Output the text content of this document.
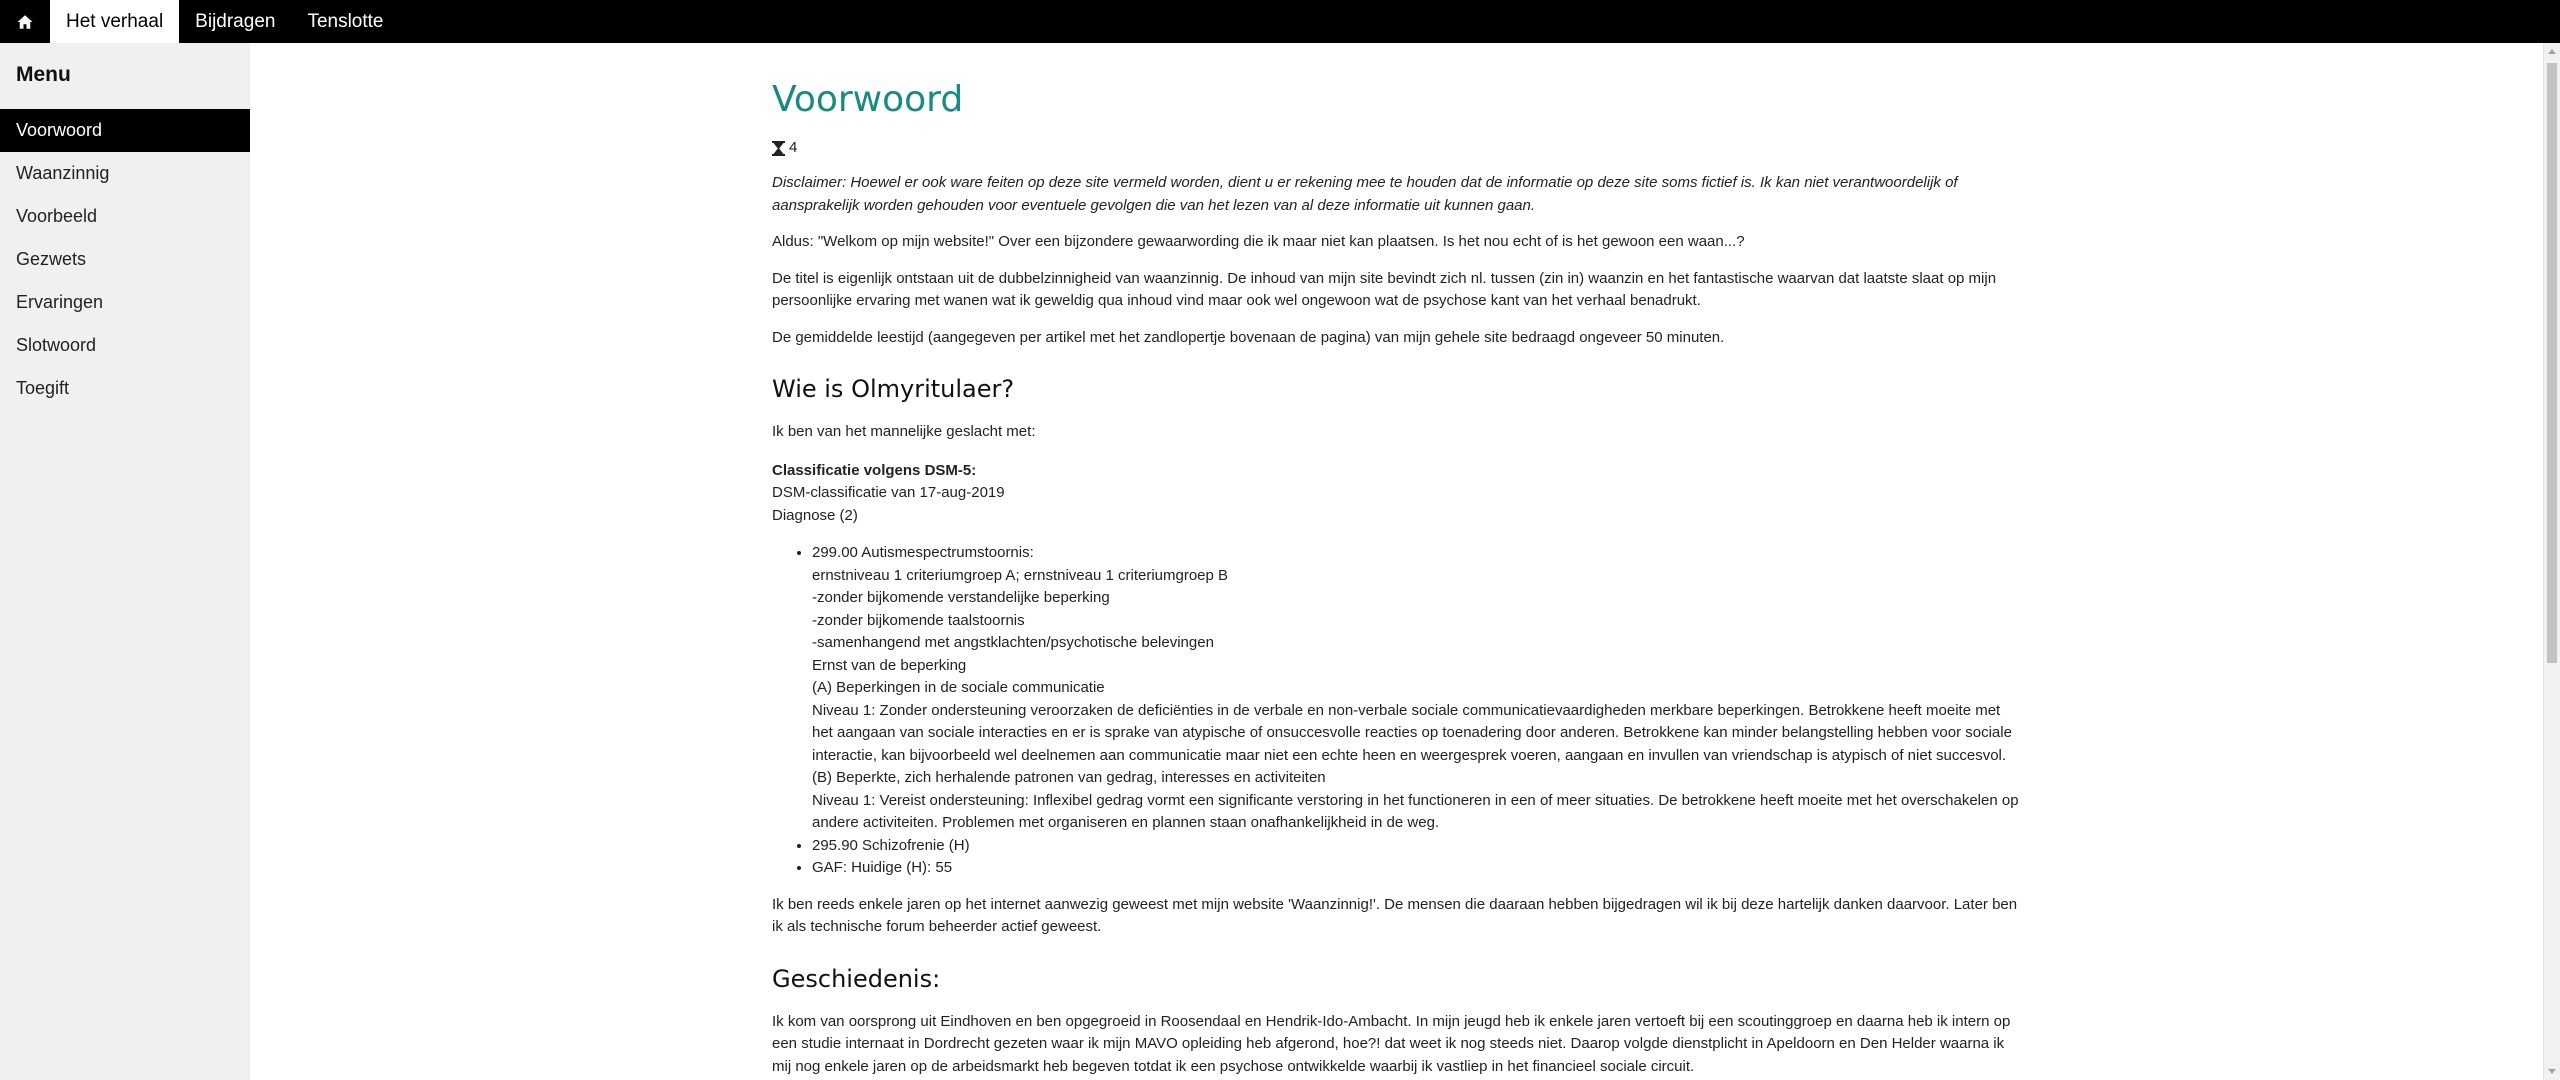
Het verhaal	Bijdragen	Tenslotte
Menu
Voorwoord
Waanzinnig
Voorbeeld
Gezwets
Ervaringen
Slotwoord
Toegift
Voorwoord
4

Disclaimer: Hoewel er ook ware feiten op deze site vermeld worden, dient u er rekening mee te houden dat de informatie op deze site soms fictief is. Ik kan niet verantwoordelijk of aansprakelijk worden gehouden voor eventuele gevolgen die van het lezen van al deze informatie uit kunnen gaan.

Aldus: "Welkom op mijn website!" Over een bijzondere gewaarwording die ik maar niet kan plaatsen. Is het nou echt of is het gewoon een waan...?

De titel is eigenlijk ontstaan uit de dubbelzinnigheid van waanzinnig. De inhoud van mijn site bevindt zich nl. tussen (zin in) waanzin en het fantastische waarvan dat laatste slaat op mijn persoonlijke ervaring met wanen wat ik geweldig qua inhoud vind maar ook wel ongewoon wat de psychose kant van het verhaal benadrukt.

De gemiddelde leestijd (aangegeven per artikel met het zandlopertje bovenaan de pagina) van mijn gehele site bedraagd ongeveer 50 minuten.

Wie is Olmyritulaer?

Ik ben van het mannelijke geslacht met:

Classificatie volgens DSM-5:
DSM-classificatie van 17-aug-2019
Diagnose (2)
• 299.00 Autismespectrumstoornis:
ernstniveau 1 criteriumgroep A; ernstniveau 1 criteriumgroep B
-zonder bijkomende verstandelijke beperking
-zonder bijkomende taalstoornis
-samenhangend met angstklachten/psychotische belevingen
Ernst van de beperking
(A) Beperkingen in de sociale communicatie
Niveau 1: Zonder ondersteuning veroorzaken de deficiënties in de verbale en non-verbale sociale communicatievaardigheden merkbare beperkingen. Betrokkene heeft moeite met het aangaan van sociale interacties en er is sprake van atypische of onsuccesvolle reacties op toenadering door anderen. Betrokkene kan minder belangstelling hebben voor sociale interactie, kan bijvoorbeeld wel deelnemen aan communicatie maar niet een echte heen en weergesprek voeren, aangaan en invullen van vriendschap is atypisch of niet succesvol.
(B) Beperkte, zich herhalende patronen van gedrag, interesses en activiteiten
Niveau 1: Vereist ondersteuning: Inflexibel gedrag vormt een significante verstoring in het functioneren in een of meer situaties. De betrokkene heeft moeite met het overschakelen op andere activiteiten. Problemen met organiseren en plannen staan onafhankelijkheid in de weg.
• 295.90 Schizofrenie (H)
• GAF: Huidige (H): 55

Ik ben reeds enkele jaren op het internet aanwezig geweest met mijn website 'Waanzinnig!'. De mensen die daaraan hebben bijgedragen wil ik bij deze hartelijk danken daarvoor. Later ben ik als technische forum beheerder actief geweest.

Geschiedenis:

Ik kom van oorsprong uit Eindhoven en ben opgegroeid in Roosendaal en Hendrik-Ido-Ambacht. In mijn jeugd heb ik enkele jaren vertoeft bij een scoutinggroep en daarna heb ik intern op een studie internaat in Dordrecht gezeten waar ik mijn MAVO opleiding heb afgerond, hoe?! dat weet ik nog steeds niet. Daarop volgde dienstplicht in Apeldoorn en Den Helder waarna ik mij nog enkele jaren op de arbeidsmarkt heb begeven totdat ik een psychose ontwikkelde waarbij ik vastliep in het financieel sociale circuit.
